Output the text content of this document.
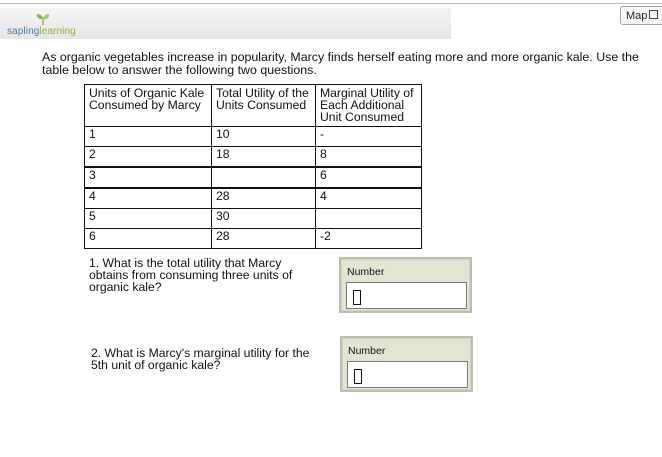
saplinglearning
Map
As organic vegetables increase in popularity, Marcy finds herself eating more and more organic kale. Use the table below to answer the following two questions.
Units of Organic Kale Consumed by Marcy	Total Utility of the Units Consumed	Marginal Utility of Each Additional Unit Consumed
1	10	-
2	18	8
3		6
4	28	4
5	30	
6	28	-2
1. What is the total utility that Marcy obtains from consuming three units of organic kale?
Number
2. What is Marcy's marginal utility for the 5th unit of organic kale?
Number
